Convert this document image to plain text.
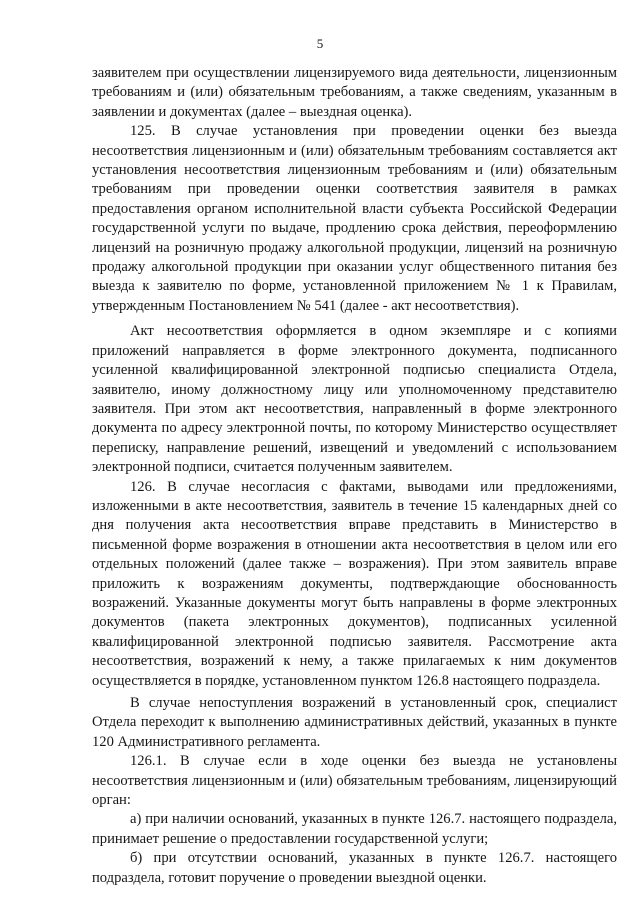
5

заявителем при осуществлении лицензируемого вида деятельности, лицензионным требованиям и (или) обязательным требованиям, а также сведениям, указанным в заявлении и документах (далее – выездная оценка).

125. В случае установления при проведении оценки без выезда несоответствия лицензионным и (или) обязательным требованиям составляется акт установления несоответствия лицензионным требованиям и (или) обязательным требованиям при проведении оценки соответствия заявителя в рамках предоставления органом исполнительной власти субъекта Российской Федерации государственной услуги по выдаче, продлению срока действия, переоформлению лицензий на розничную продажу алкогольной продукции, лицензий на розничную продажу алкогольной продукции при оказании услуг общественного питания без выезда к заявителю по форме, установленной приложением № 1 к Правилам, утвержденным Постановлением № 541 (далее - акт несоответствия).

Акт несоответствия оформляется в одном экземпляре и с копиями приложений направляется в форме электронного документа, подписанного усиленной квалифицированной электронной подписью специалиста Отдела, заявителю, иному должностному лицу или уполномоченному представителю заявителя. При этом акт несоответствия, направленный в форме электронного документа по адресу электронной почты, по которому Министерство осуществляет переписку, направление решений, извещений и уведомлений с использованием электронной подписи, считается полученным заявителем.

126. В случае несогласия с фактами, выводами или предложениями, изложенными в акте несоответствия, заявитель в течение 15 календарных дней со дня получения акта несоответствия вправе представить в Министерство в письменной форме возражения в отношении акта несоответствия в целом или его отдельных положений (далее также – возражения). При этом заявитель вправе приложить к возражениям документы, подтверждающие обоснованность возражений. Указанные документы могут быть направлены в форме электронных документов (пакета электронных документов), подписанных усиленной квалифицированной электронной подписью заявителя. Рассмотрение акта несоответствия, возражений к нему, а также прилагаемых к ним документов осуществляется в порядке, установленном пунктом 126.8 настоящего подраздела.

В случае непоступления возражений в установленный срок, специалист Отдела переходит к выполнению административных действий, указанных в пункте 120 Административного регламента.

126.1. В случае если в ходе оценки без выезда не установлены несоответствия лицензионным и (или) обязательным требованиям, лицензирующий орган:

а) при наличии оснований, указанных в пункте 126.7. настоящего подраздела, принимает решение о предоставлении государственной услуги;

б) при отсутствии оснований, указанных в пункте 126.7. настоящего подраздела, готовит поручение о проведении выездной оценки.
